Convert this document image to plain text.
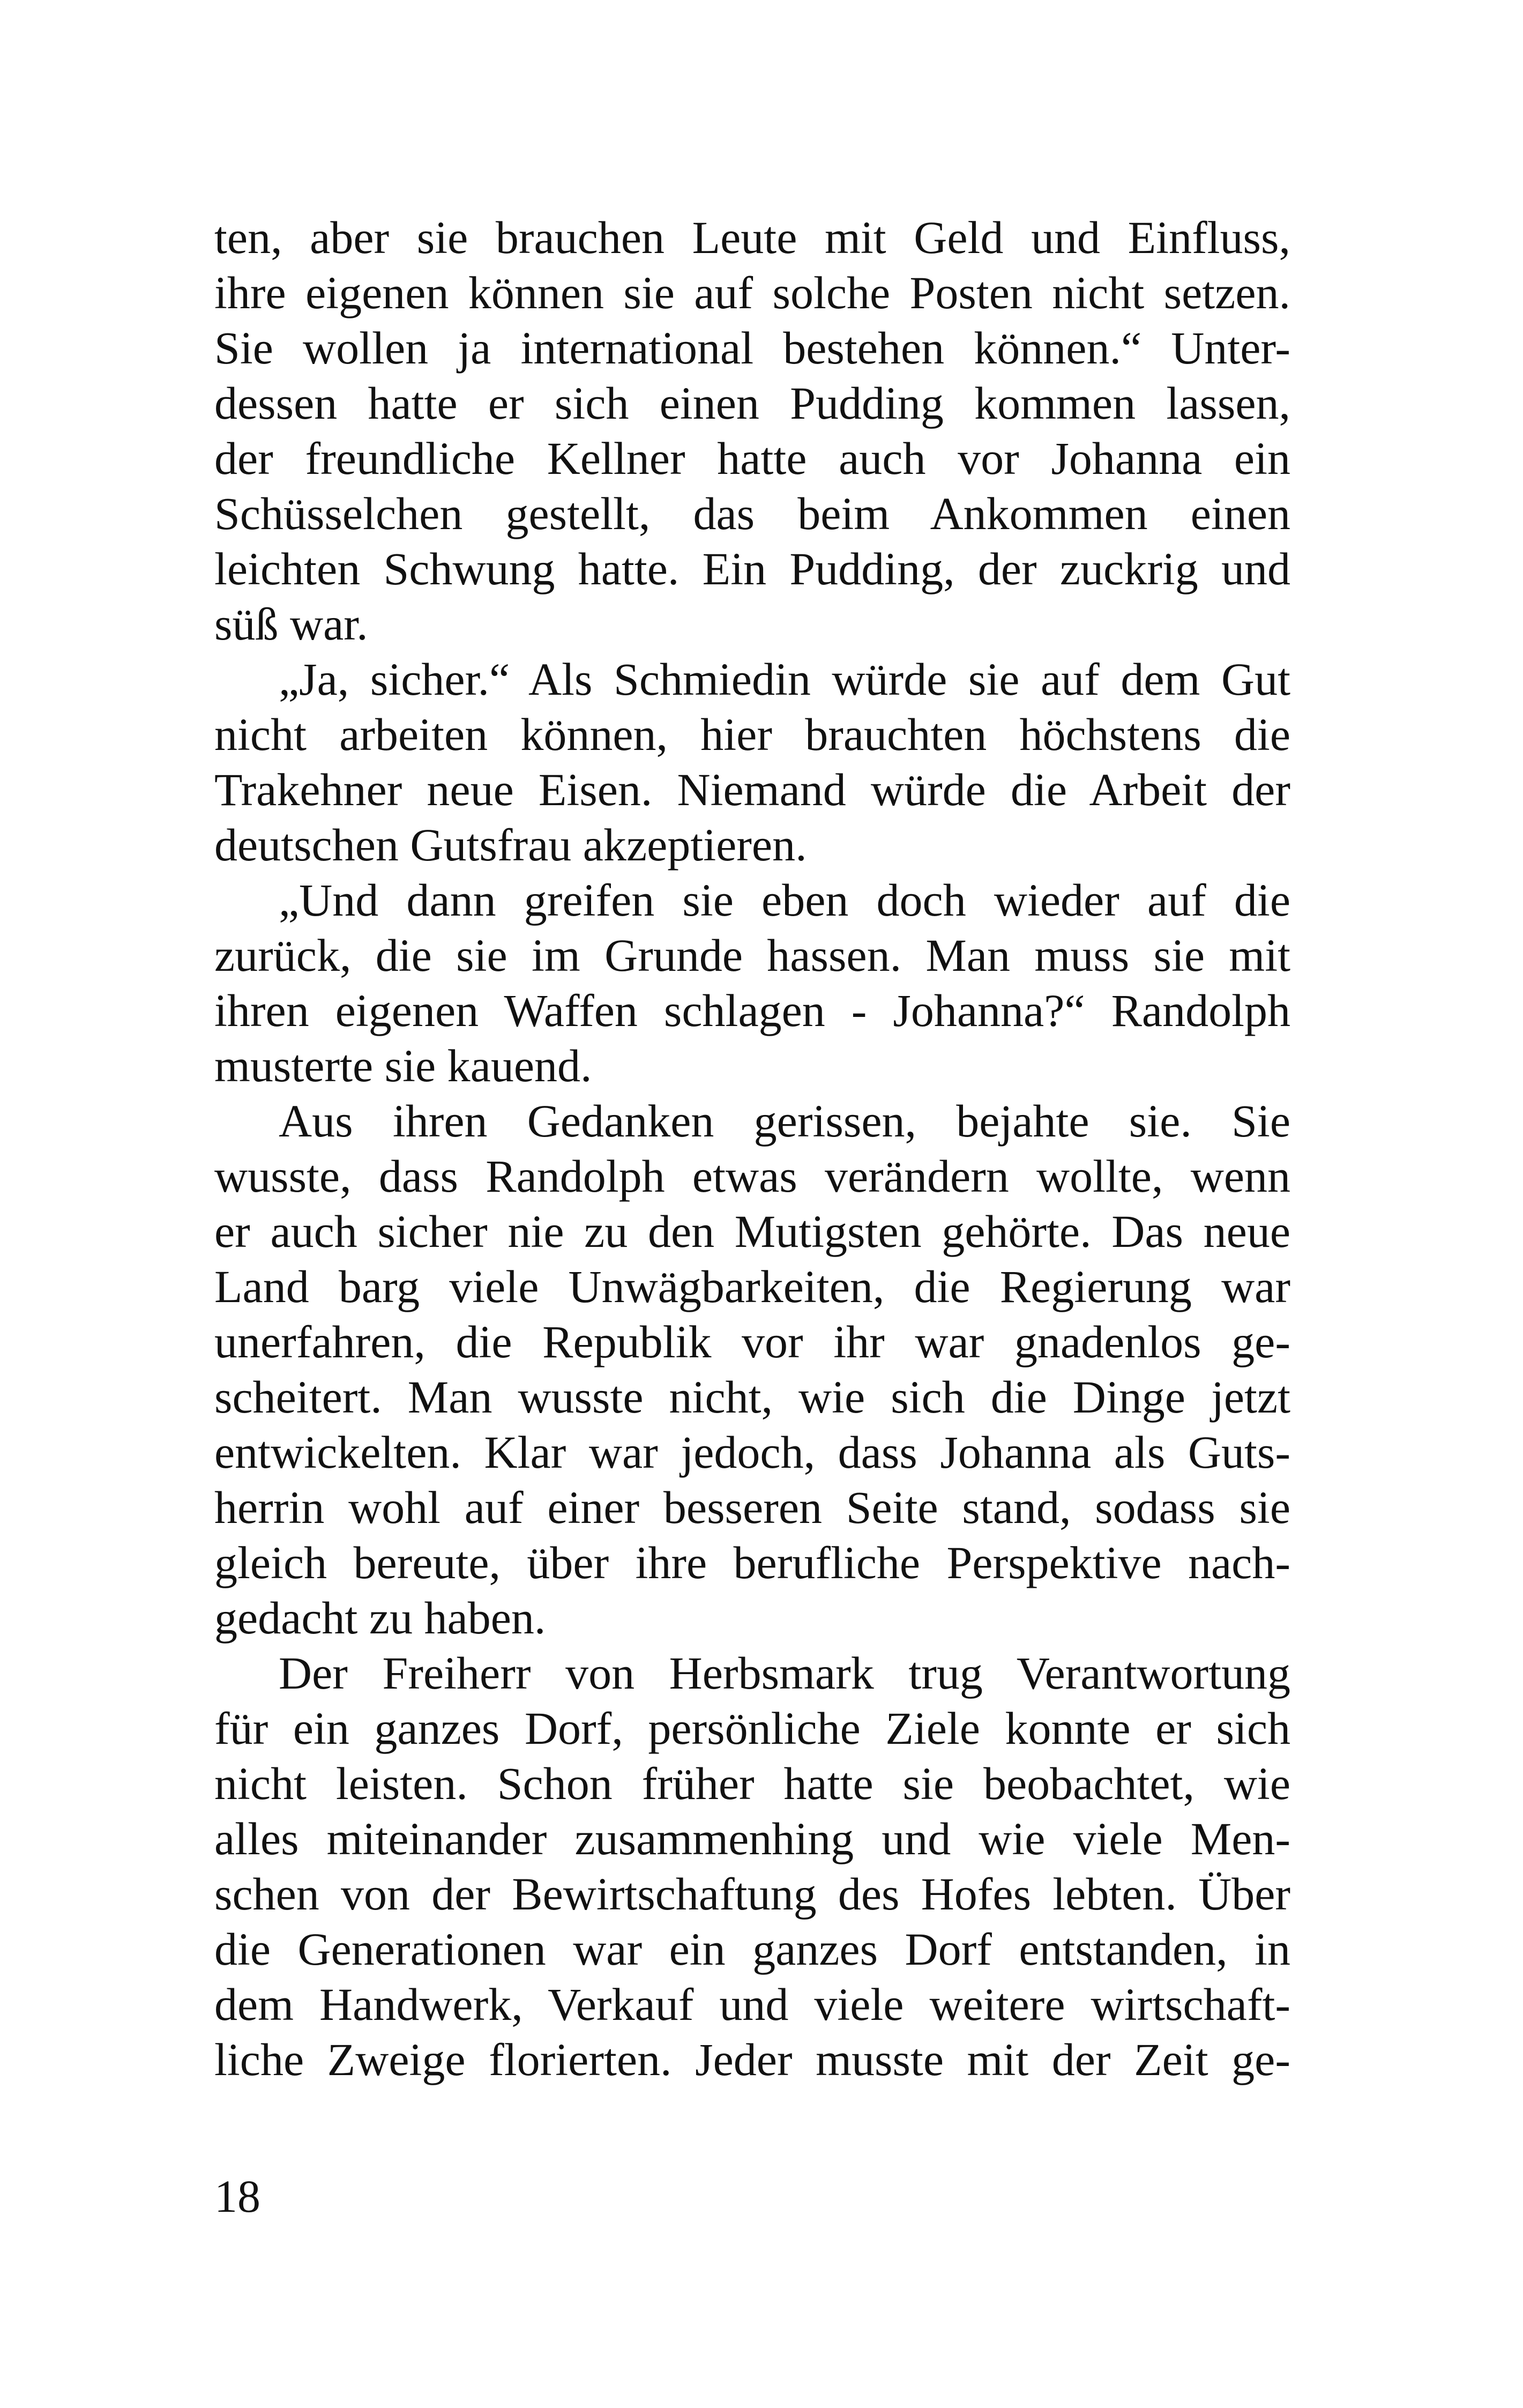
ten, aber sie brauchen Leute mit Geld und Einfluss,
ihre eigenen können sie auf solche Posten nicht setzen.
Sie wollen ja international bestehen können.“ Unter-
dessen hatte er sich einen Pudding kommen lassen,
der freundliche Kellner hatte auch vor Johanna ein
Schüsselchen gestellt, das beim Ankommen einen
leichten Schwung hatte. Ein Pudding, der zuckrig und
süß war.
„Ja, sicher.“ Als Schmiedin würde sie auf dem Gut
nicht arbeiten können, hier brauchten höchstens die
Trakehner neue Eisen. Niemand würde die Arbeit der
deutschen Gutsfrau akzeptieren.
„Und dann greifen sie eben doch wieder auf die
zurück, die sie im Grunde hassen. Man muss sie mit
ihren eigenen Waffen schlagen - Johanna?“ Randolph
musterte sie kauend.
Aus ihren Gedanken gerissen, bejahte sie. Sie
wusste, dass Randolph etwas verändern wollte, wenn
er auch sicher nie zu den Mutigsten gehörte. Das neue
Land barg viele Unwägbarkeiten, die Regierung war
unerfahren, die Republik vor ihr war gnadenlos ge-
scheitert. Man wusste nicht, wie sich die Dinge jetzt
entwickelten. Klar war jedoch, dass Johanna als Guts-
herrin wohl auf einer besseren Seite stand, sodass sie
gleich bereute, über ihre berufliche Perspektive nach-
gedacht zu haben.
Der Freiherr von Herbsmark trug Verantwortung
für ein ganzes Dorf, persönliche Ziele konnte er sich
nicht leisten. Schon früher hatte sie beobachtet, wie
alles miteinander zusammenhing und wie viele Men-
schen von der Bewirtschaftung des Hofes lebten. Über
die Generationen war ein ganzes Dorf entstanden, in
dem Handwerk, Verkauf und viele weitere wirtschaft-
liche Zweige florierten. Jeder musste mit der Zeit ge-
18
